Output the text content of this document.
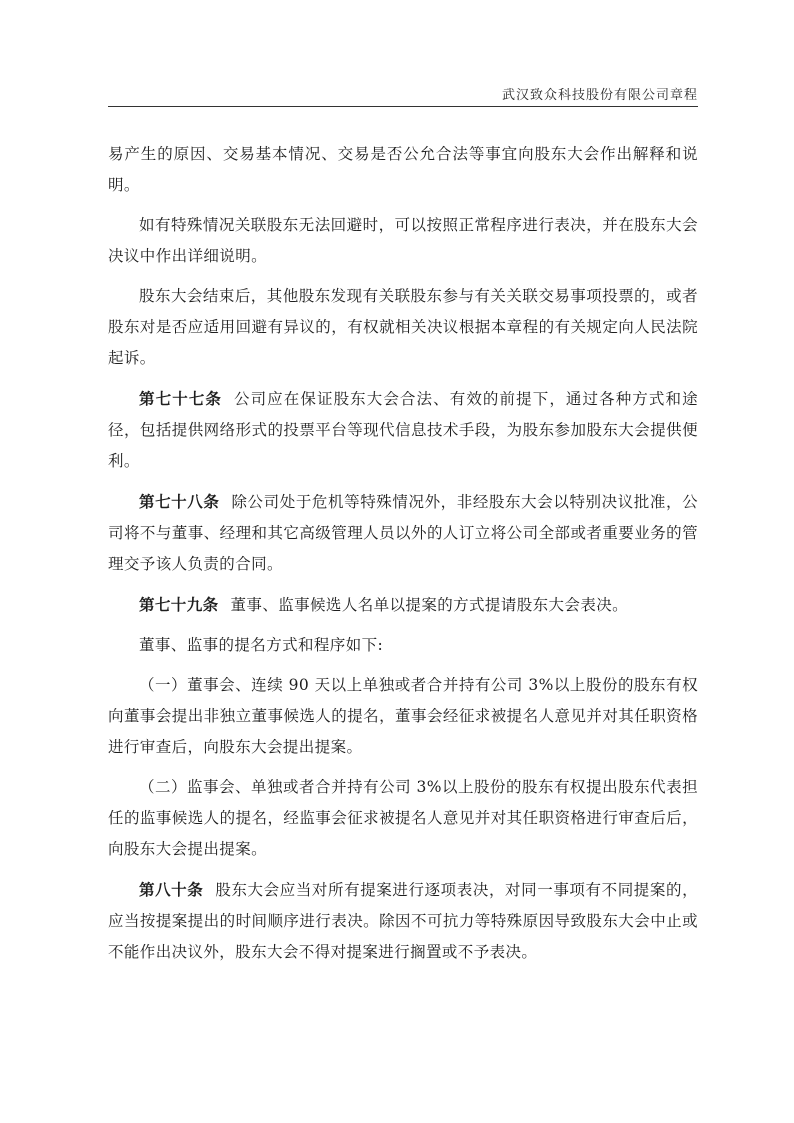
武汉致众科技股份有限公司章程

易产生的原因、交易基本情况、交易是否公允合法等事宜向股东大会作出解释和说明。

如有特殊情况关联股东无法回避时，可以按照正常程序进行表决，并在股东大会决议中作出详细说明。

股东大会结束后，其他股东发现有关联股东参与有关关联交易事项投票的，或者股东对是否应适用回避有异议的，有权就相关决议根据本章程的有关规定向人民法院起诉。

第七十七条 公司应在保证股东大会合法、有效的前提下，通过各种方式和途径，包括提供网络形式的投票平台等现代信息技术手段，为股东参加股东大会提供便利。

第七十八条 除公司处于危机等特殊情况外，非经股东大会以特别决议批准，公司将不与董事、经理和其它高级管理人员以外的人订立将公司全部或者重要业务的管理交予该人负责的合同。

第七十九条 董事、监事候选人名单以提案的方式提请股东大会表决。

董事、监事的提名方式和程序如下:

（一）董事会、连续 90 天以上单独或者合并持有公司 3%以上股份的股东有权向董事会提出非独立董事候选人的提名，董事会经征求被提名人意见并对其任职资格进行审查后，向股东大会提出提案。

（二）监事会、单独或者合并持有公司 3%以上股份的股东有权提出股东代表担任的监事候选人的提名，经监事会征求被提名人意见并对其任职资格进行审查后后，向股东大会提出提案。

第八十条 股东大会应当对所有提案进行逐项表决，对同一事项有不同提案的，应当按提案提出的时间顺序进行表决。除因不可抗力等特殊原因导致股东大会中止或不能作出决议外，股东大会不得对提案进行搁置或不予表决。
